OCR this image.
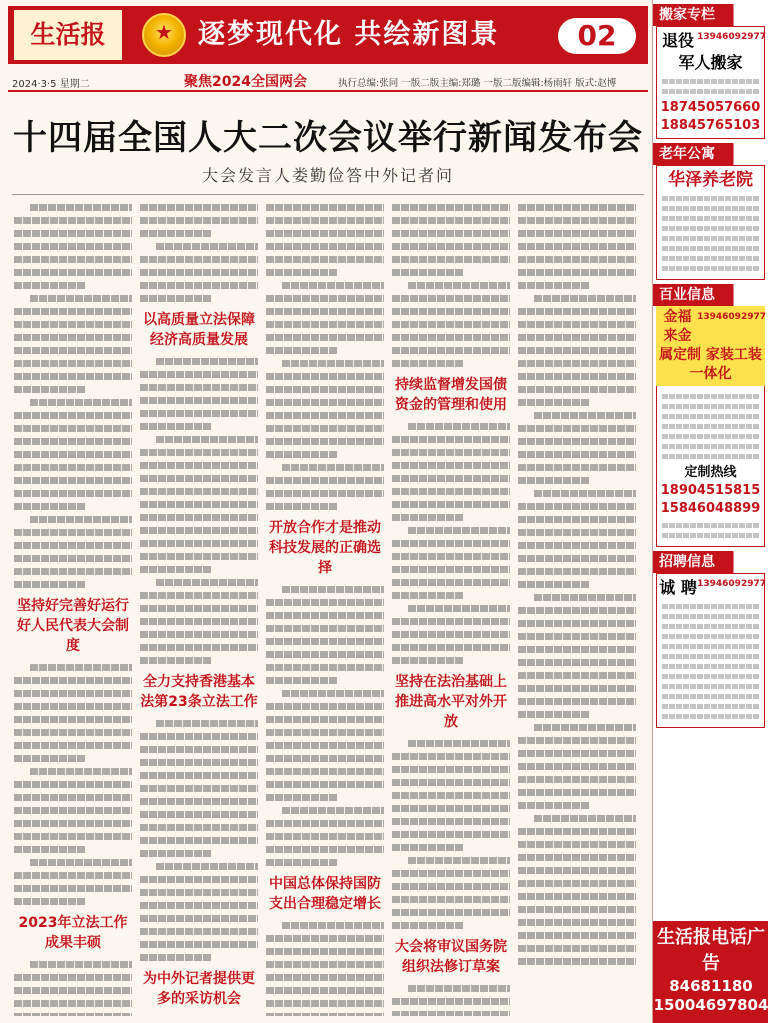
生活报
★	逐梦现代化 共绘新图景	02
2024·3·5 星期二	聚焦2024全国两会	执行总编:张同 一版二版主编:郑璐 一版二版编辑:杨雨轩 版式:赵博
十四届全国人大二次会议举行新闻发布会
大会发言人娄勤俭答中外记者问
坚持好完善好运行好人民代表大会制度
2023年立法工作成果丰硕
以高质量立法保障经济高质量发展
全力支持香港基本法第23条立法工作
为中外记者提供更多的采访机会
开放合作才是推动科技发展的正确选择
中国总体保持国防支出合理稳定增长
持续监督增发国债资金的管理和使用
坚持在法治基础上推进高水平对外开放
大会将审议国务院组织法修订草案
搬家专栏
13946092977
退役军人搬家
18745057660
18845765103
老年公寓
华泽养老院
百业信息
13946092977
金福来金属定制 家装工装一体化
定制热线
18904515815
15846048899
招聘信息
13946092977
诚 聘
生活报电话广告
84681180
15004697804
